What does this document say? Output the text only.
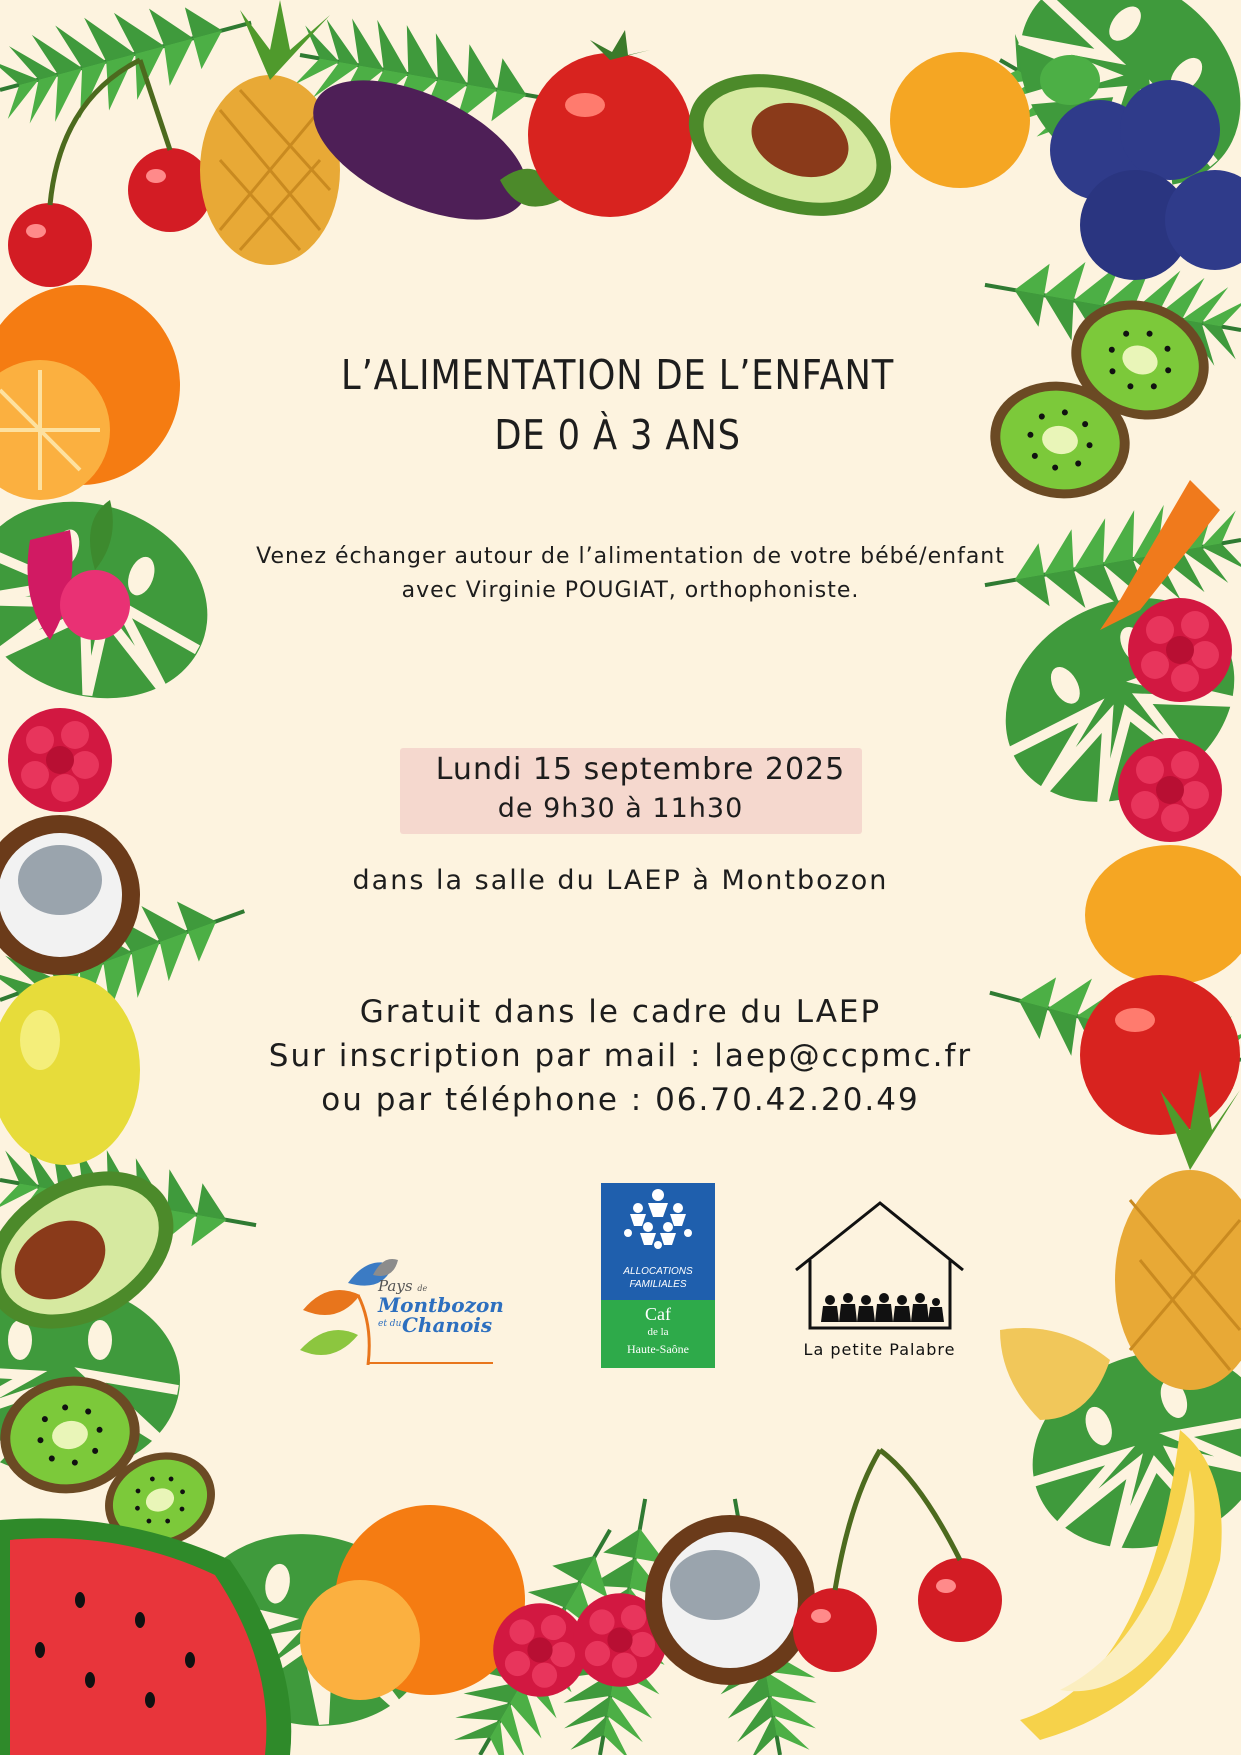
L’ALIMENTATION DE L’ENFANT
DE 0 À 3 ANS
Venez échanger autour de l’alimentation de votre bébé/enfant
avec Virginie POUGIAT, orthophoniste.
Lundi 15 septembre 2025
de 9h30 à 11h30
dans la salle du LAEP à Montbozon
Gratuit dans le cadre du LAEP
Sur inscription par mail : laep@ccpmc.fr
ou par téléphone : 06.70.42.20.49
Pays de
Montbozon
et du Chanois
ALLOCATIONS
FAMILIALES
Caf
de la
Haute-Saône	La petite Palabre
